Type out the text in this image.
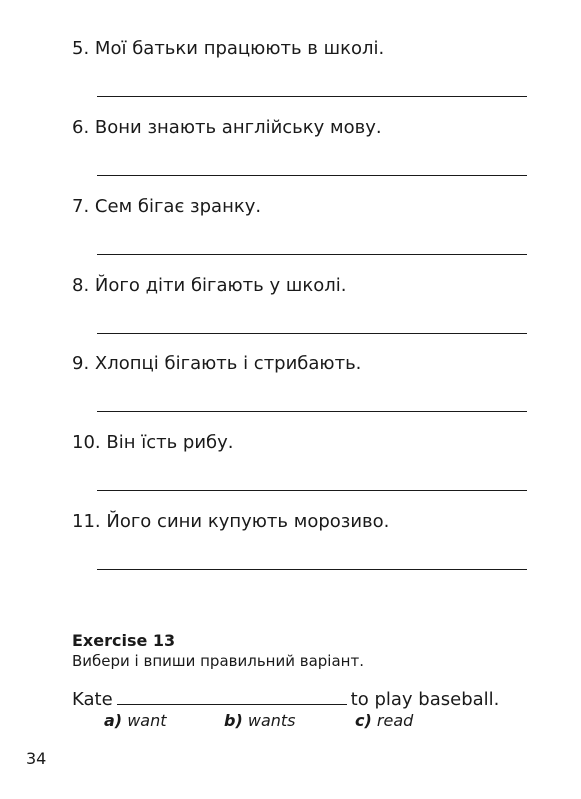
5. Мої батьки працюють в школі.
6. Вони знають англійську мову.
7. Сем бігає зранку.
8. Його діти бігають у школі.
9. Хлопці бігають і стрибають.
10. Він їсть рибу.
11. Його сини купують морозиво.
Exercise 13
Вибери і впиши правильний варіант.
Kate	to play baseball.
a) want	b) wants	c) read
34
